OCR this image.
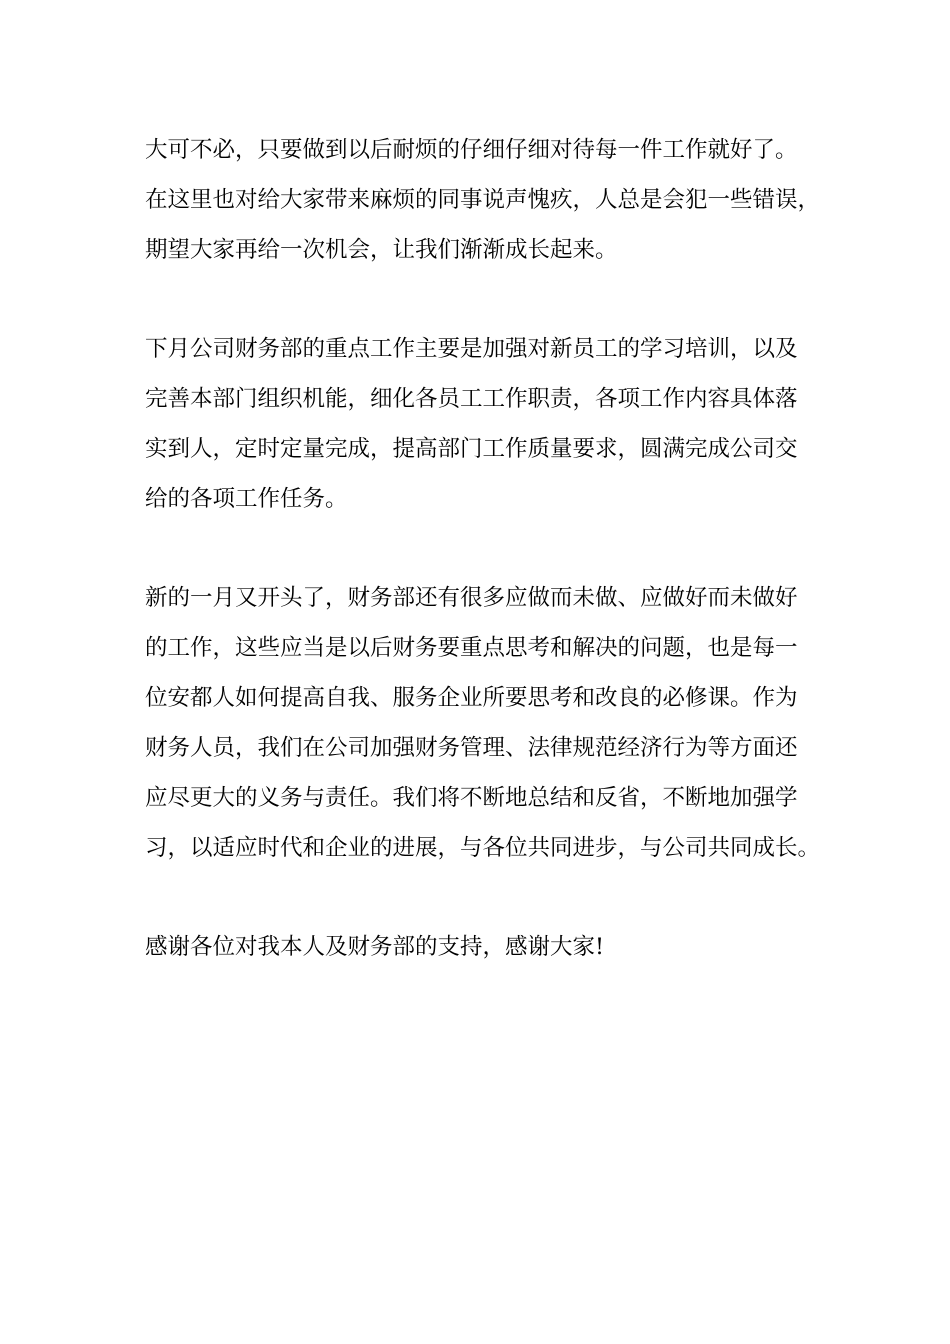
大可不必，只要做到以后耐烦的仔细仔细对待每一件工作就好了。
在这里也对给大家带来麻烦的同事说声愧疚，人总是会犯一些错误，
期望大家再给一次机会，让我们渐渐成长起来。
下月公司财务部的重点工作主要是加强对新员工的学习培训，以及
完善本部门组织机能，细化各员工工作职责，各项工作内容具体落
实到人，定时定量完成，提高部门工作质量要求，圆满完成公司交
给的各项工作任务。
新的一月又开头了，财务部还有很多应做而未做、应做好而未做好
的工作，这些应当是以后财务要重点思考和解决的问题，也是每一
位安都人如何提高自我、服务企业所要思考和改良的必修课。作为
财务人员，我们在公司加强财务管理、法律规范经济行为等方面还
应尽更大的义务与责任。我们将不断地总结和反省，不断地加强学
习，以适应时代和企业的进展，与各位共同进步，与公司共同成长。
感谢各位对我本人及财务部的支持，感谢大家!
